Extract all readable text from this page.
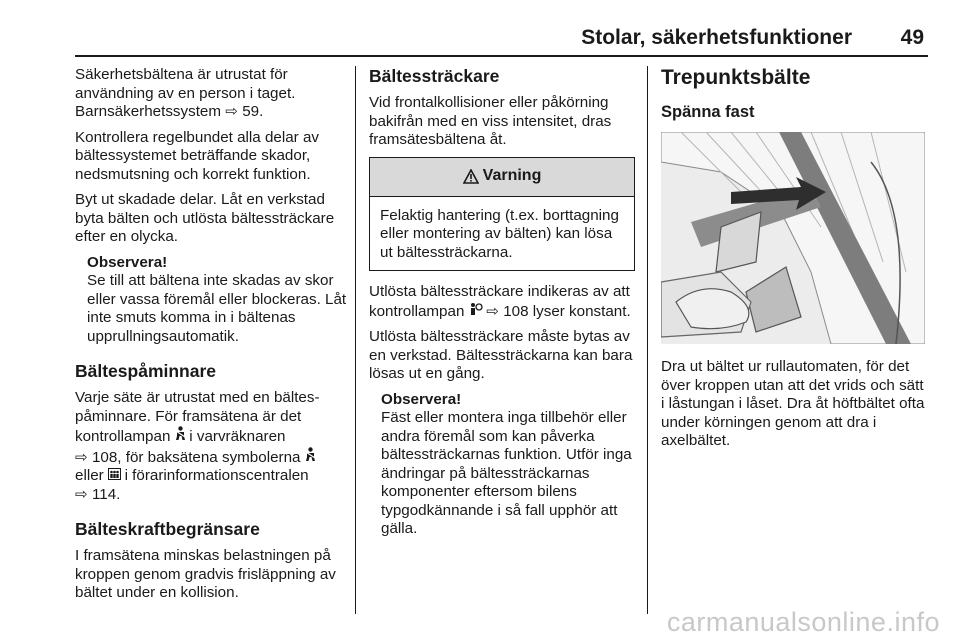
Stolar, säkerhetsfunktioner 49

Säkerhetsbältena är utrustat för användning av en person i taget.
Barnsäkerhetssystem ⇨ 59.

Kontrollera regelbundet alla delar av bältessystemet beträffande skador, nedsmutsning och korrekt funktion.

Byt ut skadade delar. Låt en verkstad byta bälten och utlösta bältessträckare efter en olycka.

Observera!

Se till att bältena inte skadas av skor eller vassa föremål eller blockeras. Låt inte smuts komma in i bältenas upprullningsautomatik.

Bältespåminnare

Varje säte är utrustat med en bältespåminnare. För framsätena är det kontrollampan i varvräknaren
⇨ 108, för baksätena symbolerna
eller i förarinformationscentralen
⇨ 114.

Bälteskraftbegränsare

I framsätena minskas belastningen på kroppen genom gradvis frisläppning av bältet under en kollision.

Bältessträckare

Vid frontalkollisioner eller påkörning bakifrån med en viss intensitet, dras framsätesbältena åt.

Varning
Felaktig hantering (t.ex. borttagning eller montering av bälten) kan lösa ut bältessträckarna.

Utlösta bältessträckare indikeras av att kontrollampan ⇨ 108 lyser konstant.

Utlösta bältessträckare måste bytas av en verkstad. Bältessträckarna kan bara lösas ut en gång.

Observera!

Fäst eller montera inga tillbehör eller andra föremål som kan påverka bältessträckarnas funktion. Utför inga ändringar på bältessträckarnas komponenter eftersom bilens typgodkännande i så fall upphör att gälla.

Trepunktsbälte
Spänna fast

Dra ut bältet ur rullautomaten, för det över kroppen utan att det vrids och sätt i låstungan i låset. Dra åt höftbältet ofta under körningen genom att dra i axelbältet.

carmanualsonline.info
